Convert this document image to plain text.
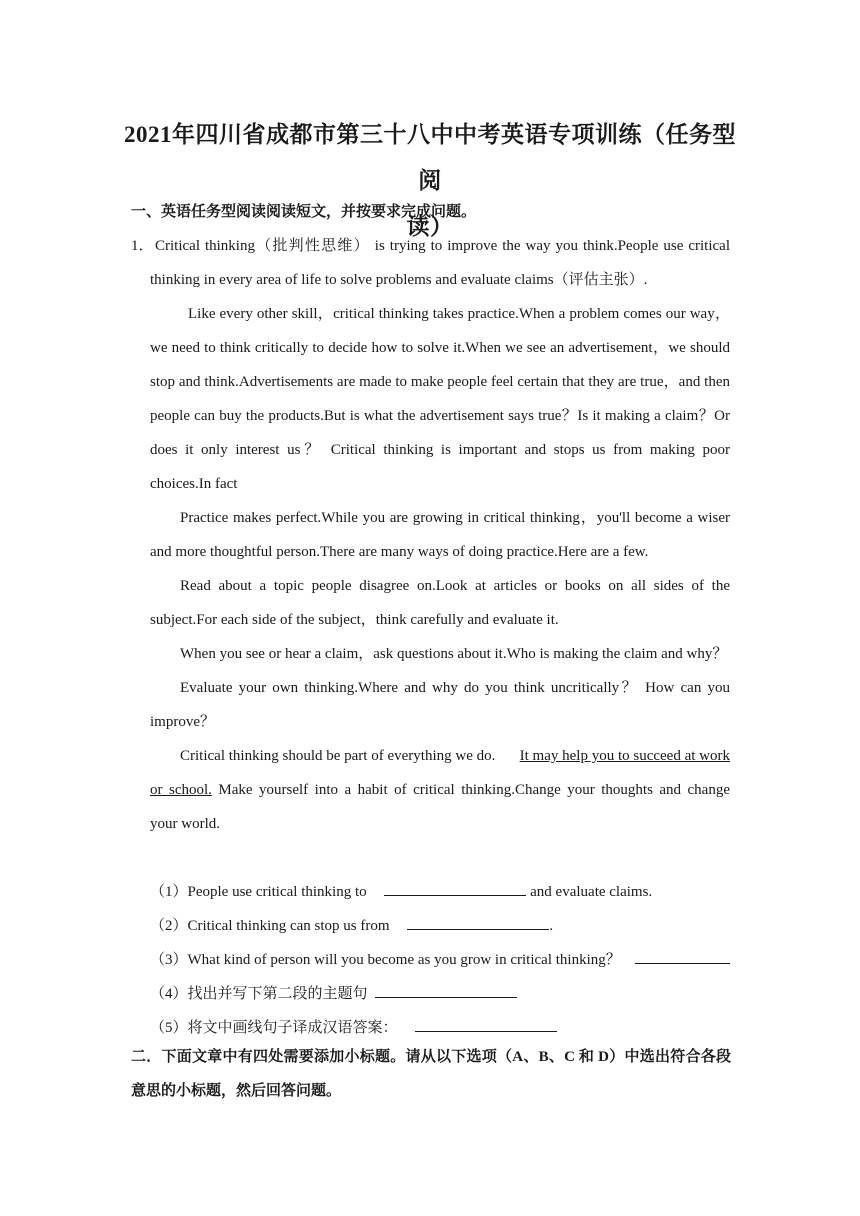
2021年四川省成都市第三十八中中考英语专项训练（任务型阅
读）
一、英语任务型阅读阅读短文，并按要求完成问题。
1． Critical thinking（批判性思维） is trying to improve the way you think.People use critical
thinking in every area of life to solve problems and evaluate claims（评估主张）.
Like every other skill，critical thinking takes practice.When a problem comes our way，
we need to think critically to decide how to solve it.When we see an advertisement，we should
stop and think.Advertisements are made to make people feel certain that they are true，and then
people can buy the products.But is what the advertisement says true？Is it making a claim？Or
does it only interest us？ Critical thinking is important and stops us from making poor
choices.In fact
Practice makes perfect.While you are growing in critical thinking，you'll become a wiser
and more thoughtful person.There are many ways of doing practice.Here are a few.
Read about a topic people disagree on.Look at articles or books on all sides of the
subject.For each side of the subject，think carefully and evaluate it.
When you see or hear a claim，ask questions about it.Who is making the claim and why？
Evaluate your own thinking.Where and why do you think uncritically？ How can you
improve？
Critical thinking should be part of everything we do. It may help you to succeed at work
or school. Make yourself into a habit of critical thinking.Change your thoughts and change
your world.
（1）People use critical thinking to	and evaluate claims.
（2）Critical thinking can stop us from	.
（3）What kind of person will you become as you grow in critical thinking？
（4）找出并写下第二段的主题句
（5）将文中画线句子译成汉语答案：
二．下面文章中有四处需要添加小标题。请从以下选项（A、B、C 和 D）中选出符合各段
意思的小标题，然后回答问题。
